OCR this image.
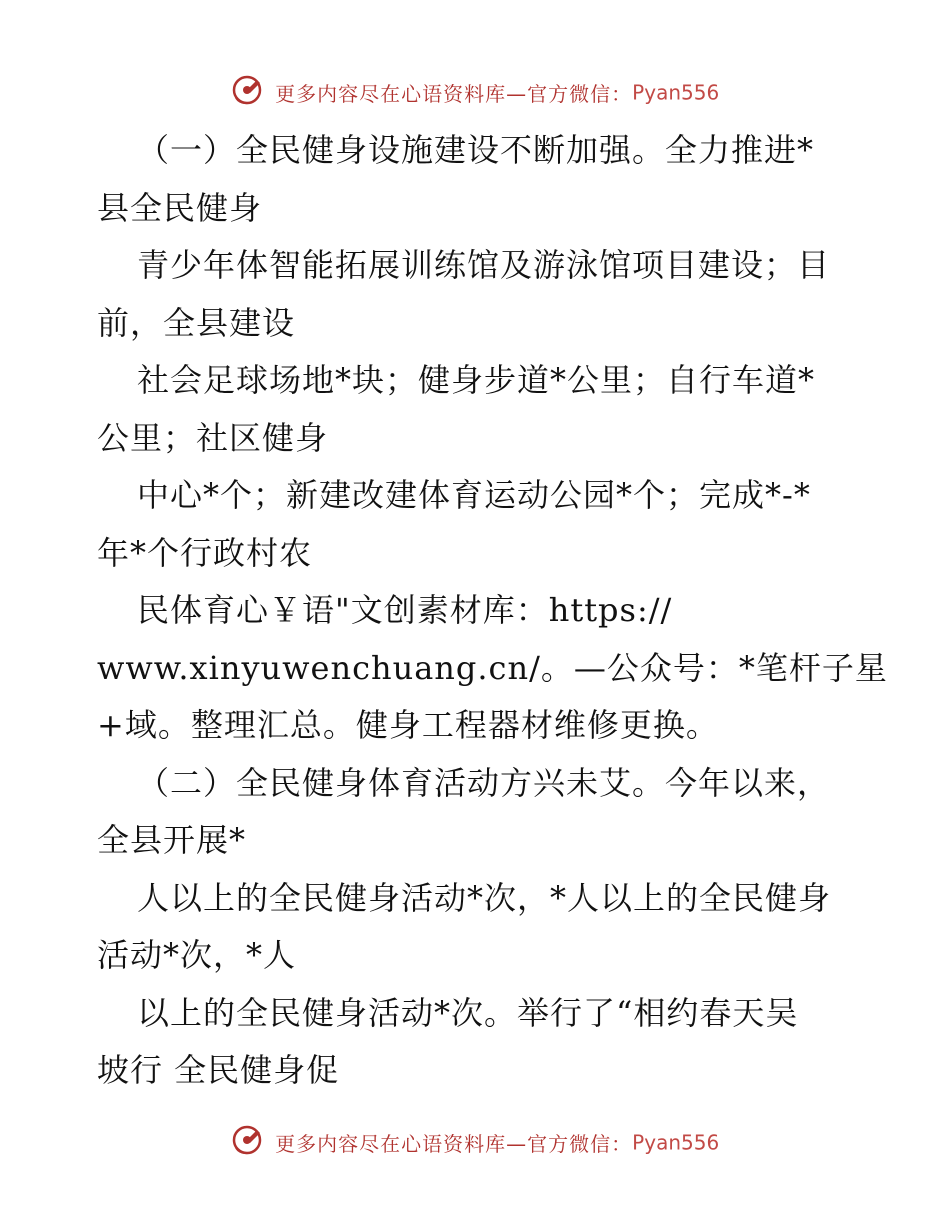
更多内容尽在心语资料库—官方微信：Pyan556
（一）全民健身设施建设不断加强。全力推进*
县全民健身
青少年体智能拓展训练馆及游泳馆项目建设；目
前，全县建设
社会足球场地*块；健身步道*公里；自行车道*
公里；社区健身
中心*个；新建改建体育运动公园*个；完成*-*
年*个行政村农
民体育心￥语"文创素材库：https://
www.xinyuwenchuang.cn/。—公众号：*笔杆子星
+域。整理汇总。健身工程器材维修更换。
（二）全民健身体育活动方兴未艾。今年以来，
全县开展*
人以上的全民健身活动*次，*人以上的全民健身
活动*次，*人
以上的全民健身活动*次。举行了“相约春天吴
坡行 全民健身促
更多内容尽在心语资料库—官方微信：Pyan556
